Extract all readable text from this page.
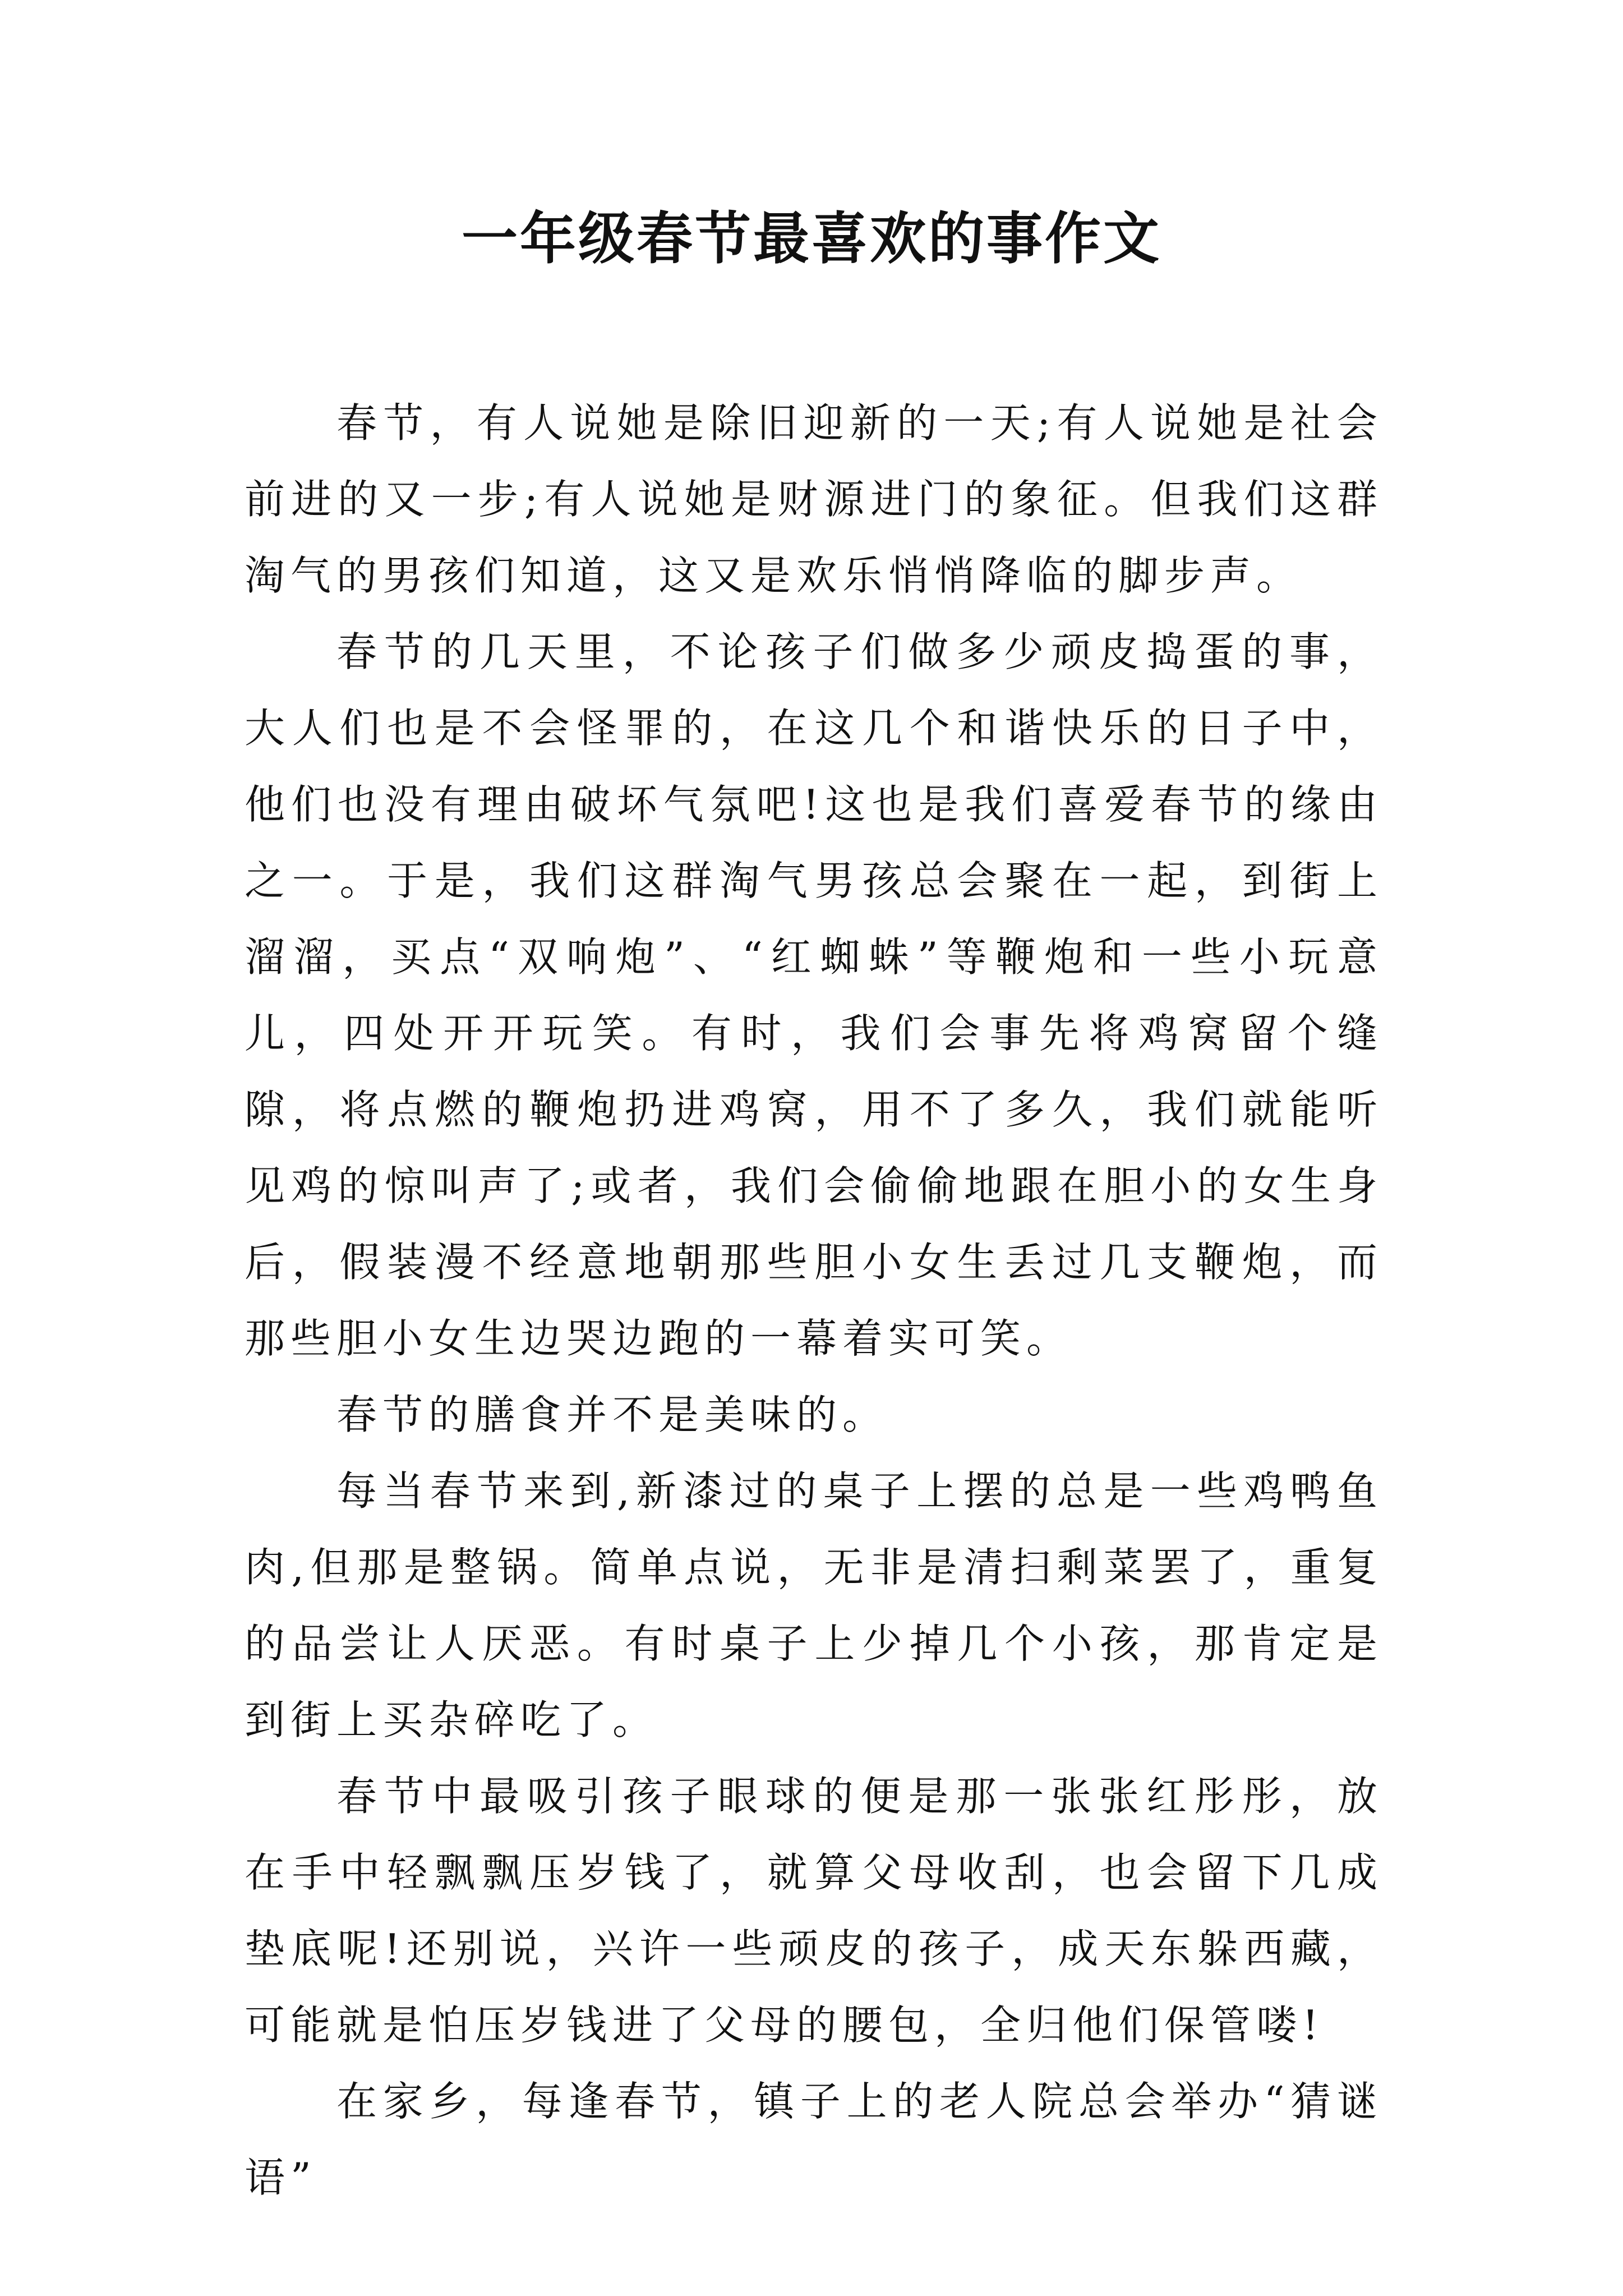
一年级春节最喜欢的事作文

春节，有人说她是除旧迎新的一天;有人说她是社会前进的又一步;有人说她是财源进门的象征。但我们这群淘气的男孩们知道，这又是欢乐悄悄降临的脚步声。

春节的几天里，不论孩子们做多少顽皮捣蛋的事，大人们也是不会怪罪的，在这几个和谐快乐的日子中，他们也没有理由破坏气氛吧!这也是我们喜爱春节的缘由之一。于是，我们这群淘气男孩总会聚在一起，到街上溜溜，买点“双响炮”、“红蜘蛛”等鞭炮和一些小玩意儿，四处开开玩笑。有时，我们会事先将鸡窝留个缝隙，将点燃的鞭炮扔进鸡窝，用不了多久，我们就能听见鸡的惊叫声了;或者，我们会偷偷地跟在胆小的女生身后，假装漫不经意地朝那些胆小女生丢过几支鞭炮，而那些胆小女生边哭边跑的一幕着实可笑。

春节的膳食并不是美味的。

每当春节来到,新漆过的桌子上摆的总是一些鸡鸭鱼肉,但那是整锅。简单点说，无非是清扫剩菜罢了，重复的品尝让人厌恶。有时桌子上少掉几个小孩，那肯定是到街上买杂碎吃了。

春节中最吸引孩子眼球的便是那一张张红彤彤，放在手中轻飘飘压岁钱了，就算父母收刮，也会留下几成垫底呢!还别说，兴许一些顽皮的孩子，成天东躲西藏，可能就是怕压岁钱进了父母的腰包，全归他们保管喽!

在家乡，每逢春节，镇子上的老人院总会举办“猜谜语”
